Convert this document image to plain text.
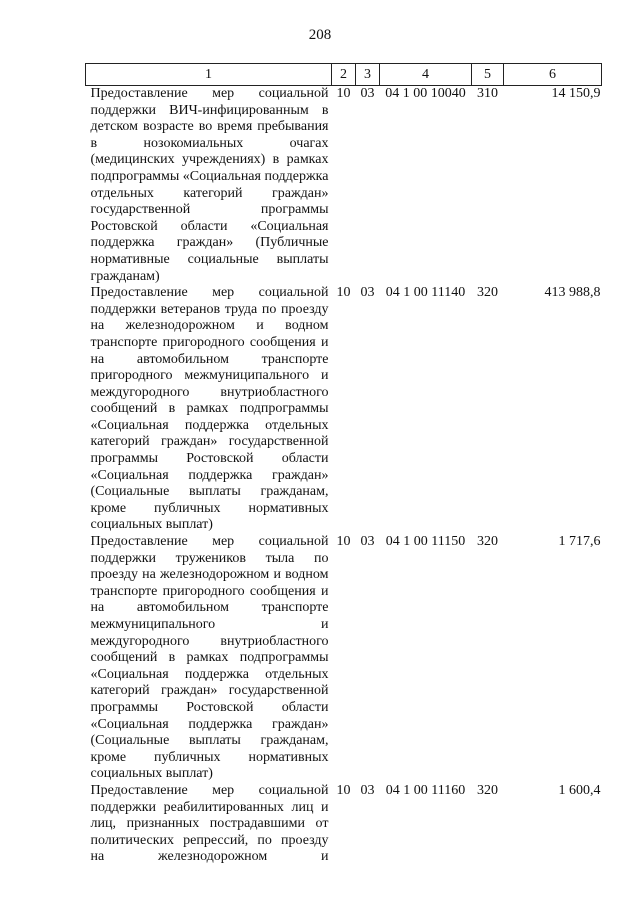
208
1	2	3	4	5	6
Предоставление мер социальной поддержки ВИЧ-инфицированным в детском возрасте во время пребывания в нозокомиальных очагах (медицинских учреждениях) в рамках подпрограммы «Социальная поддержка отдельных категорий граждан» государственной программы Ростовской области «Социальная поддержка граждан» (Публичные нормативные социальные выплаты гражданам)	10	03	04 1 00 10040	310	14 150,9
Предоставление мер социальной поддержки ветеранов труда по проезду на железнодорожном и водном транспорте пригородного сообщения и на автомобильном транспорте пригородного межмуниципального и междугородного внутриобластного сообщений в рамках подпрограммы «Социальная поддержка отдельных категорий граждан» государственной программы Ростовской области «Социальная поддержка граждан» (Социальные выплаты гражданам, кроме публичных нормативных социальных выплат)	10	03	04 1 00 11140	320	413 988,8
Предоставление мер социальной поддержки тружеников тыла по проезду на железнодорожном и водном транспорте пригородного сообщения и на автомобильном транспорте межмуниципального и междугородного внутриобластного сообщений в рамках подпрограммы «Социальная поддержка отдельных категорий граждан» государственной программы Ростовской области «Социальная поддержка граждан» (Социальные выплаты гражданам, кроме публичных нормативных социальных выплат)	10	03	04 1 00 11150	320	1 717,6
Предоставление мер социальной поддержки реабилитированных лиц и лиц, признанных пострадавшими от политических репрессий, по проезду на железнодорожном и	10	03	04 1 00 11160	320	1 600,4
